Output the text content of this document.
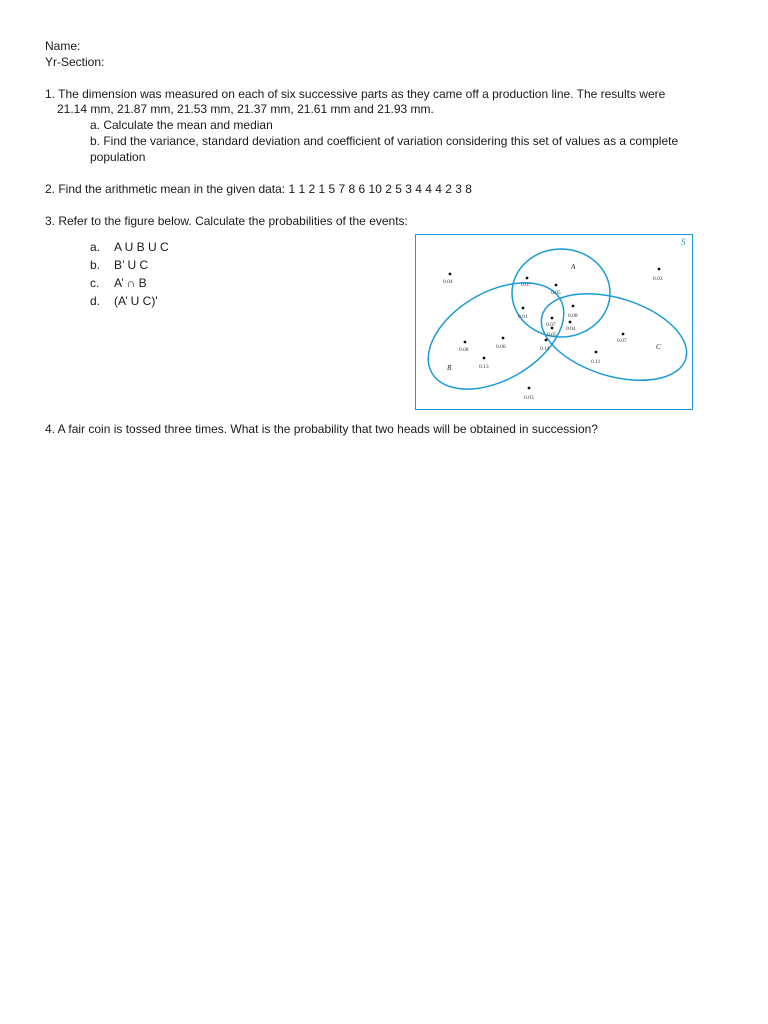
Name:
Yr-Section:
1. The dimension was measured on each of six successive parts as they came off a production line. The results were
21.14 mm, 21.87 mm, 21.53 mm, 21.37 mm, 21.61 mm and 21.93 mm.
a. Calculate the mean and median
b. Find the variance, standard deviation and coefficient of variation considering this set of values as a complete
population
2. Find the arithmetic mean in the given data: 1 1 2 1 5 7 8 6 10 2 5 3 4 4 4 2 3 8
3. Refer to the figure below. Calculate the probabilities of the events:
a. A U B U C
b. B’ U C
c. A’ ∩ B
d. (A’ U C)'
S
A
B
C
0.04	0.03
0.03
0.07
0.05
0.01	0.08
0.04
0.07
0.05
0.11
0.08	0.06
0.13
0.07
0.11
4. A fair coin is tossed three times. What is the probability that two heads will be obtained in succession?
